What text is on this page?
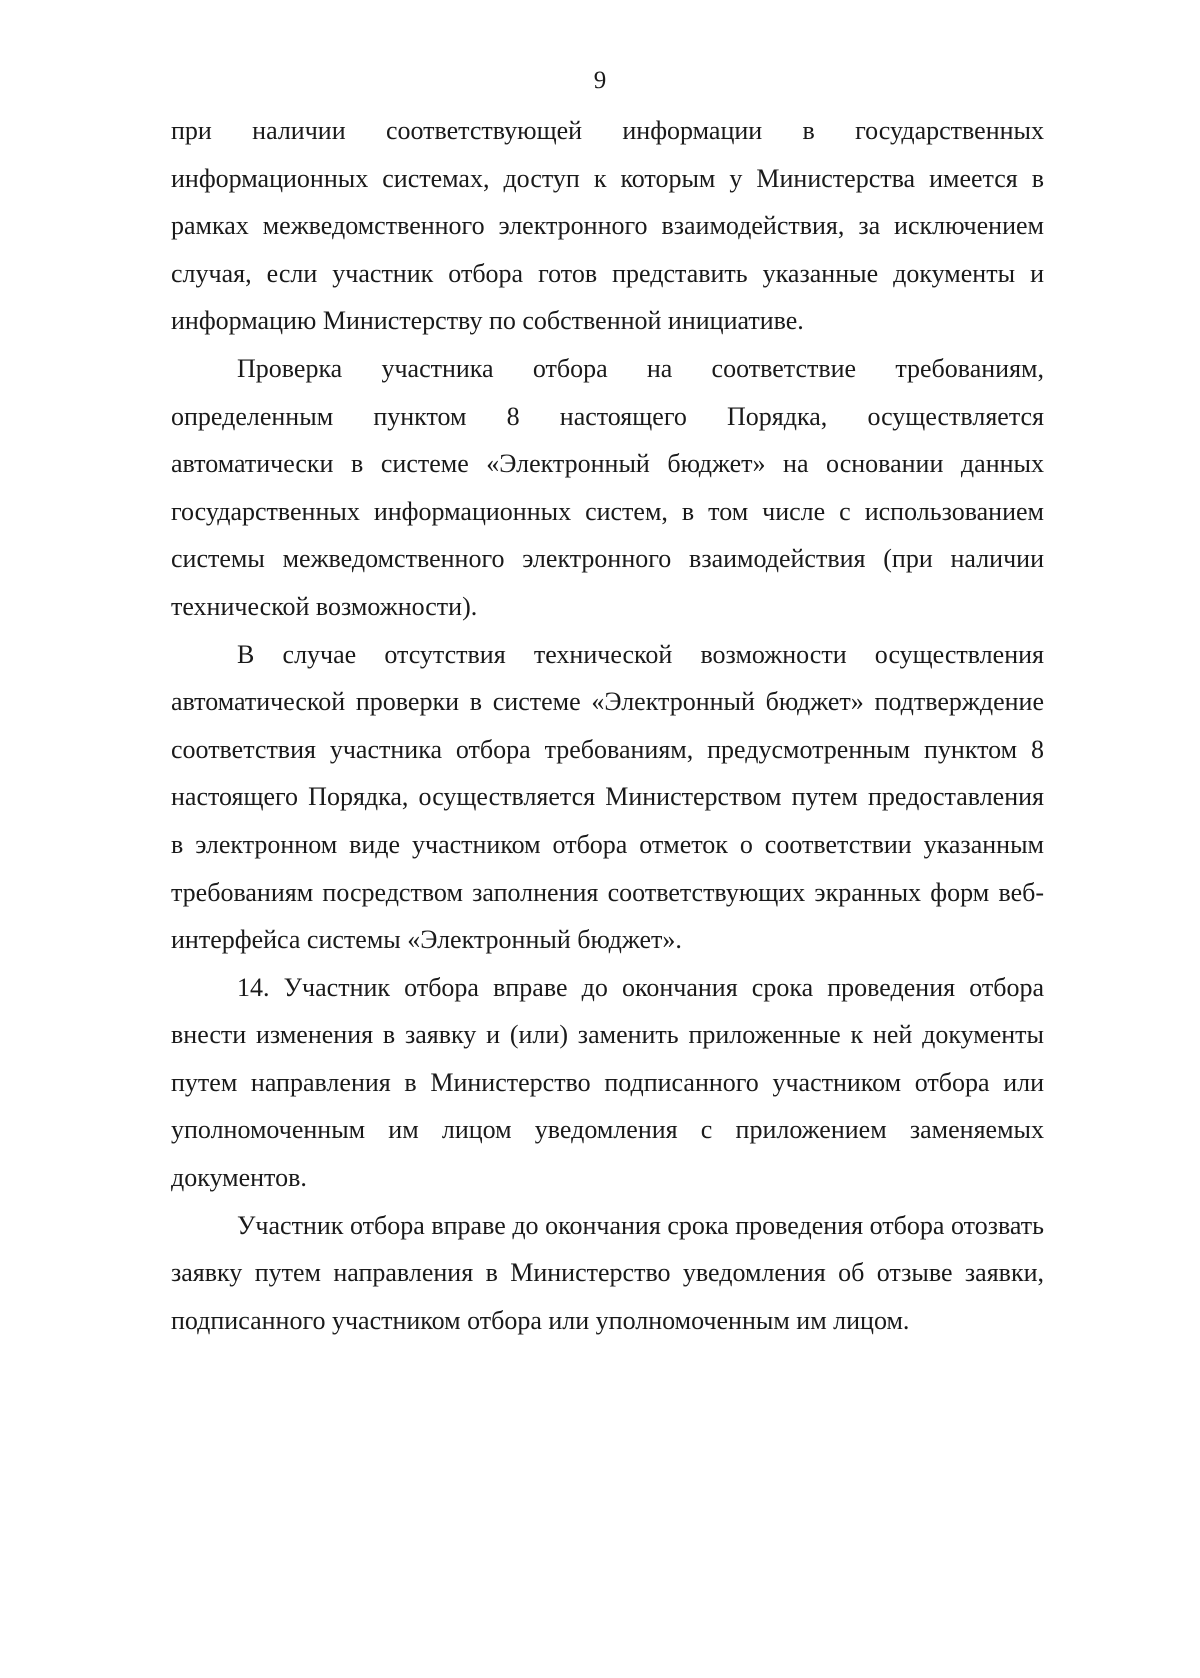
9

при наличии соответствующей информации в государственных информационных системах, доступ к которым у Министерства имеется в рамках межведомственного электронного взаимодействия, за исключением случая, если участник отбора готов представить указанные документы и информацию Министерству по собственной инициативе.

Проверка участника отбора на соответствие требованиям, определенным пунктом 8 настоящего Порядка, осуществляется автоматически в системе «Электронный бюджет» на основании данных государственных информационных систем, в том числе с использованием системы межведомственного электронного взаимодействия (при наличии технической возможности).

В случае отсутствия технической возможности осуществления автоматической проверки в системе «Электронный бюджет» подтверждение соответствия участника отбора требованиям, предусмотренным пунктом 8 настоящего Порядка, осуществляется Министерством путем предоставления в электронном виде участником отбора отметок о соответствии указанным требованиям посредством заполнения соответствующих экранных форм веб-интерфейса системы «Электронный бюджет».

14. Участник отбора вправе до окончания срока проведения отбора внести изменения в заявку и (или) заменить приложенные к ней документы путем направления в Министерство подписанного участником отбора или уполномоченным им лицом уведомления с приложением заменяемых документов.

Участник отбора вправе до окончания срока проведения отбора отозвать заявку путем направления в Министерство уведомления об отзыве заявки, подписанного участником отбора или уполномоченным им лицом.
